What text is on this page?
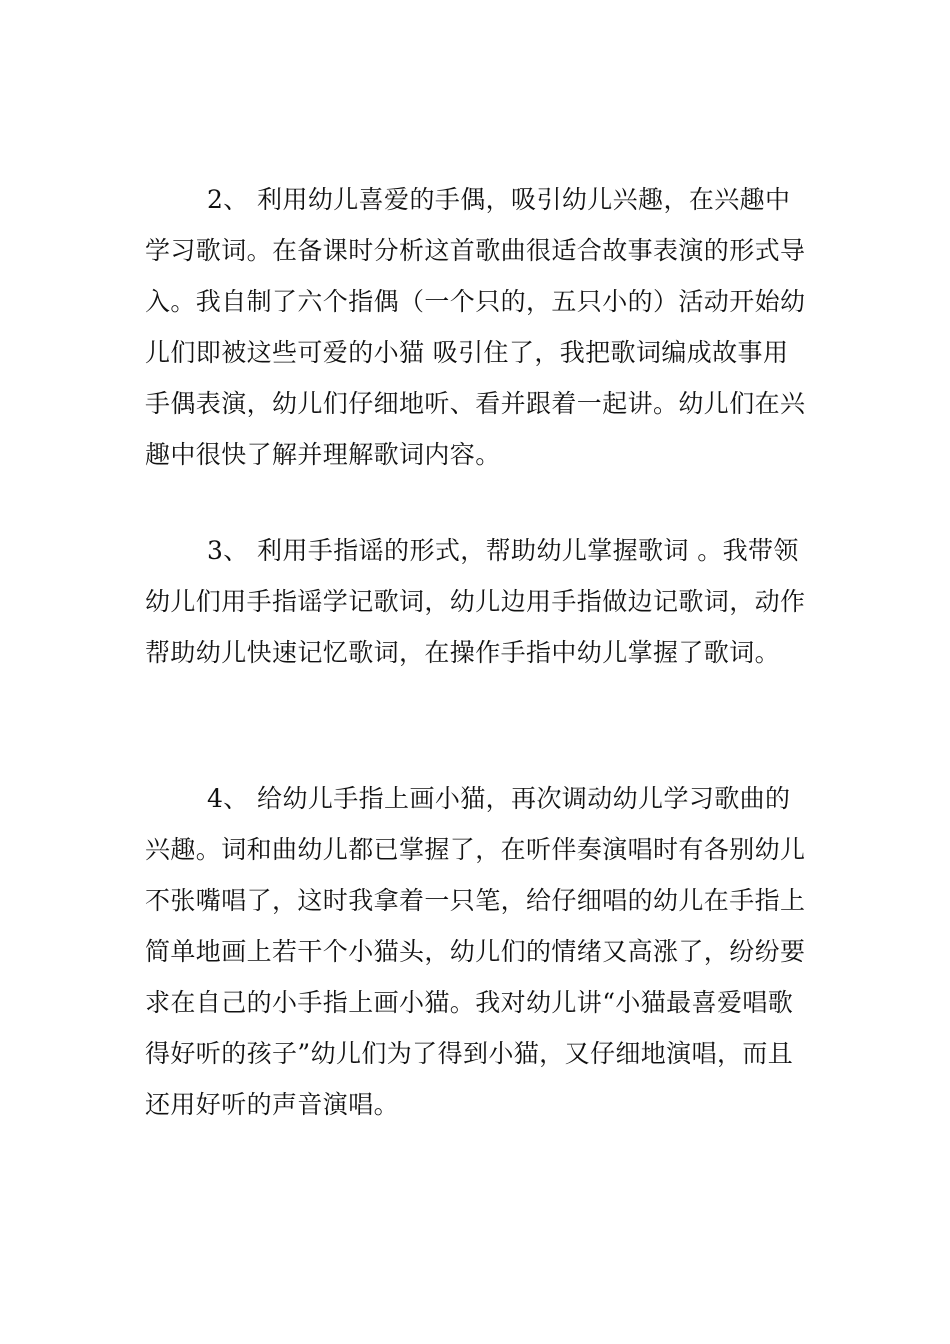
2、 利用幼儿喜爱的手偶，吸引幼儿兴趣，在兴趣中学习歌词。在备课时分析这首歌曲很适合故事表演的形式导入。我自制了六个指偶（一个只的，五只小的）活动开始幼儿们即被这些可爱的小猫 吸引住了，我把歌词编成故事用手偶表演，幼儿们仔细地听、看并跟着一起讲。幼儿们在兴趣中很快了解并理解歌词内容。

3、 利用手指谣的形式，帮助幼儿掌握歌词 。我带领幼儿们用手指谣学记歌词，幼儿边用手指做边记歌词，动作帮助幼儿快速记忆歌词，在操作手指中幼儿掌握了歌词。

4、 给幼儿手指上画小猫，再次调动幼儿学习歌曲的兴趣。词和曲幼儿都已掌握了，在听伴奏演唱时有各别幼儿不张嘴唱了，这时我拿着一只笔，给仔细唱的幼儿在手指上简单地画上若干个小猫头，幼儿们的情绪又高涨了，纷纷要求在自己的小手指上画小猫。我对幼儿讲“小猫最喜爱唱歌得好听的孩子”幼儿们为了得到小猫，又仔细地演唱，而且还用好听的声音演唱。
